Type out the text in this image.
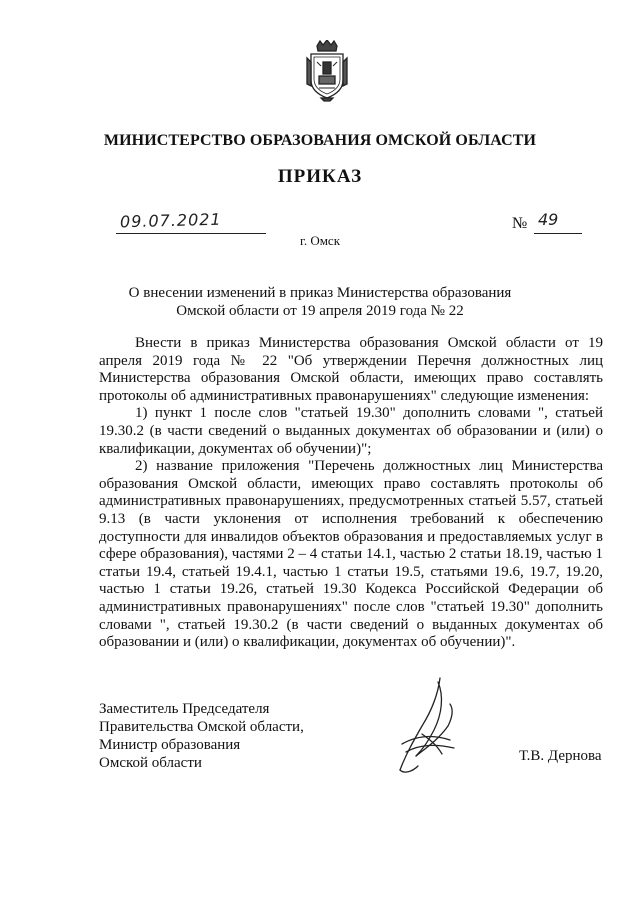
МИНИСТЕРСТВО ОБРАЗОВАНИЯ ОМСКОЙ ОБЛАСТИ
ПРИКАЗ
09.07.2021	№ 49
г. Омск
О внесении изменений в приказ Министерства образования
Омской области от 19 апреля 2019 года № 22

Внести в приказ Министерства образования Омской области от 19 апреля 2019 года № 22 "Об утверждении Перечня должностных лиц Министерства образования Омской области, имеющих право составлять протоколы об административных правонарушениях" следующие изменения:

1) пункт 1 после слов "статьей 19.30" дополнить словами ", статьей 19.30.2 (в части сведений о выданных документах об образовании и (или) о квалификации, документах об обучении)";

2) название приложения "Перечень должностных лиц Министерства образования Омской области, имеющих право составлять протоколы об административных правонарушениях, предусмотренных статьей 5.57, статьей 9.13 (в части уклонения от исполнения требований к обеспечению доступности для инвалидов объектов образования и предоставляемых услуг в сфере образования), частями 2 – 4 статьи 14.1, частью 2 статьи 18.19, частью 1 статьи 19.4, статьей 19.4.1, частью 1 статьи 19.5, статьями 19.6, 19.7, 19.20, частью 1 статьи 19.26, статьей 19.30 Кодекса Российской Федерации об административных правонарушениях" после слов "статьей 19.30" дополнить словами ", статьей 19.30.2 (в части сведений о выданных документах об образовании и (или) о квалификации, документах об обучении)".

Заместитель Председателя
Правительства Омской области,
Министр образования
Омской области	Т.В. Дернова
